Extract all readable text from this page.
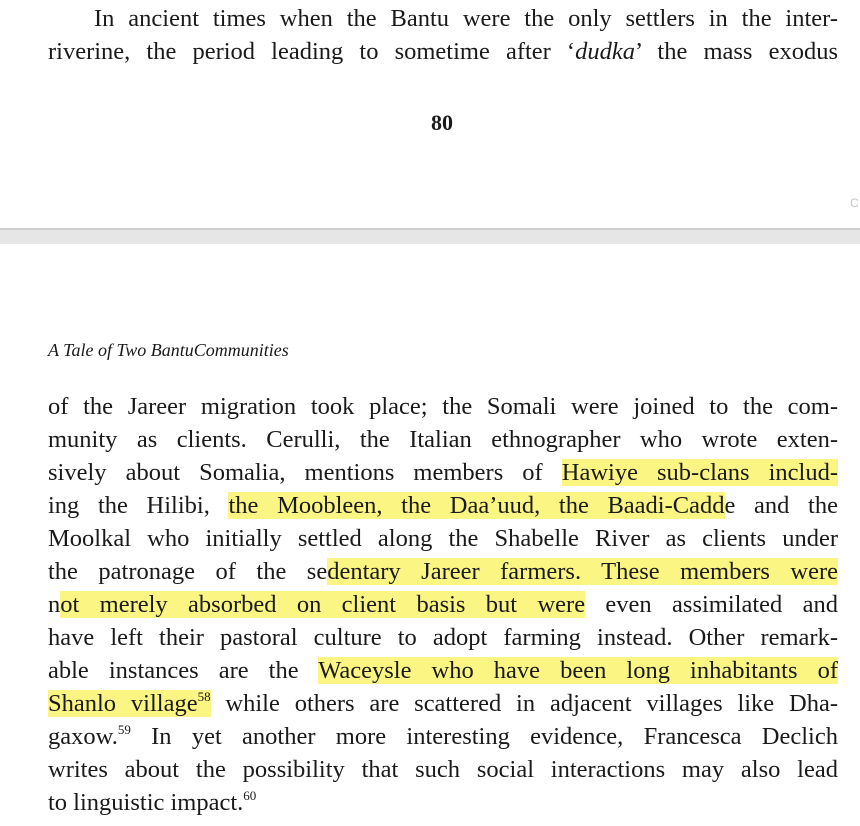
In ancient times when the Bantu were the only settlers in the inter-
riverine, the period leading to sometime after ‘dudka’ the mass exodus
80
C
A Tale of Two BantuCommunities
of the Jareer migration took place; the Somali were joined to the com-
munity as clients. Cerulli, the Italian ethnographer who wrote exten-
sively about Somalia, mentions members of Hawiye sub-clans includ-
ing the Hilibi, the Moobleen, the Daa’uud, the Baadi-Cadde and the
Moolkal who initially settled along the Shabelle River as clients under
the patronage of the sedentary Jareer farmers. These members were
not merely absorbed on client basis but were even assimilated and
have left their pastoral culture to adopt farming instead. Other remark-
able instances are the Waceysle who have been long inhabitants of
Shanlo village$^{58}$ while others are scattered in adjacent villages like Dha-
gaxow.$^{59}$ In yet another more interesting evidence, Francesca Declich
writes about the possibility that such social interactions may also lead
to linguistic impact.$^{60}$
